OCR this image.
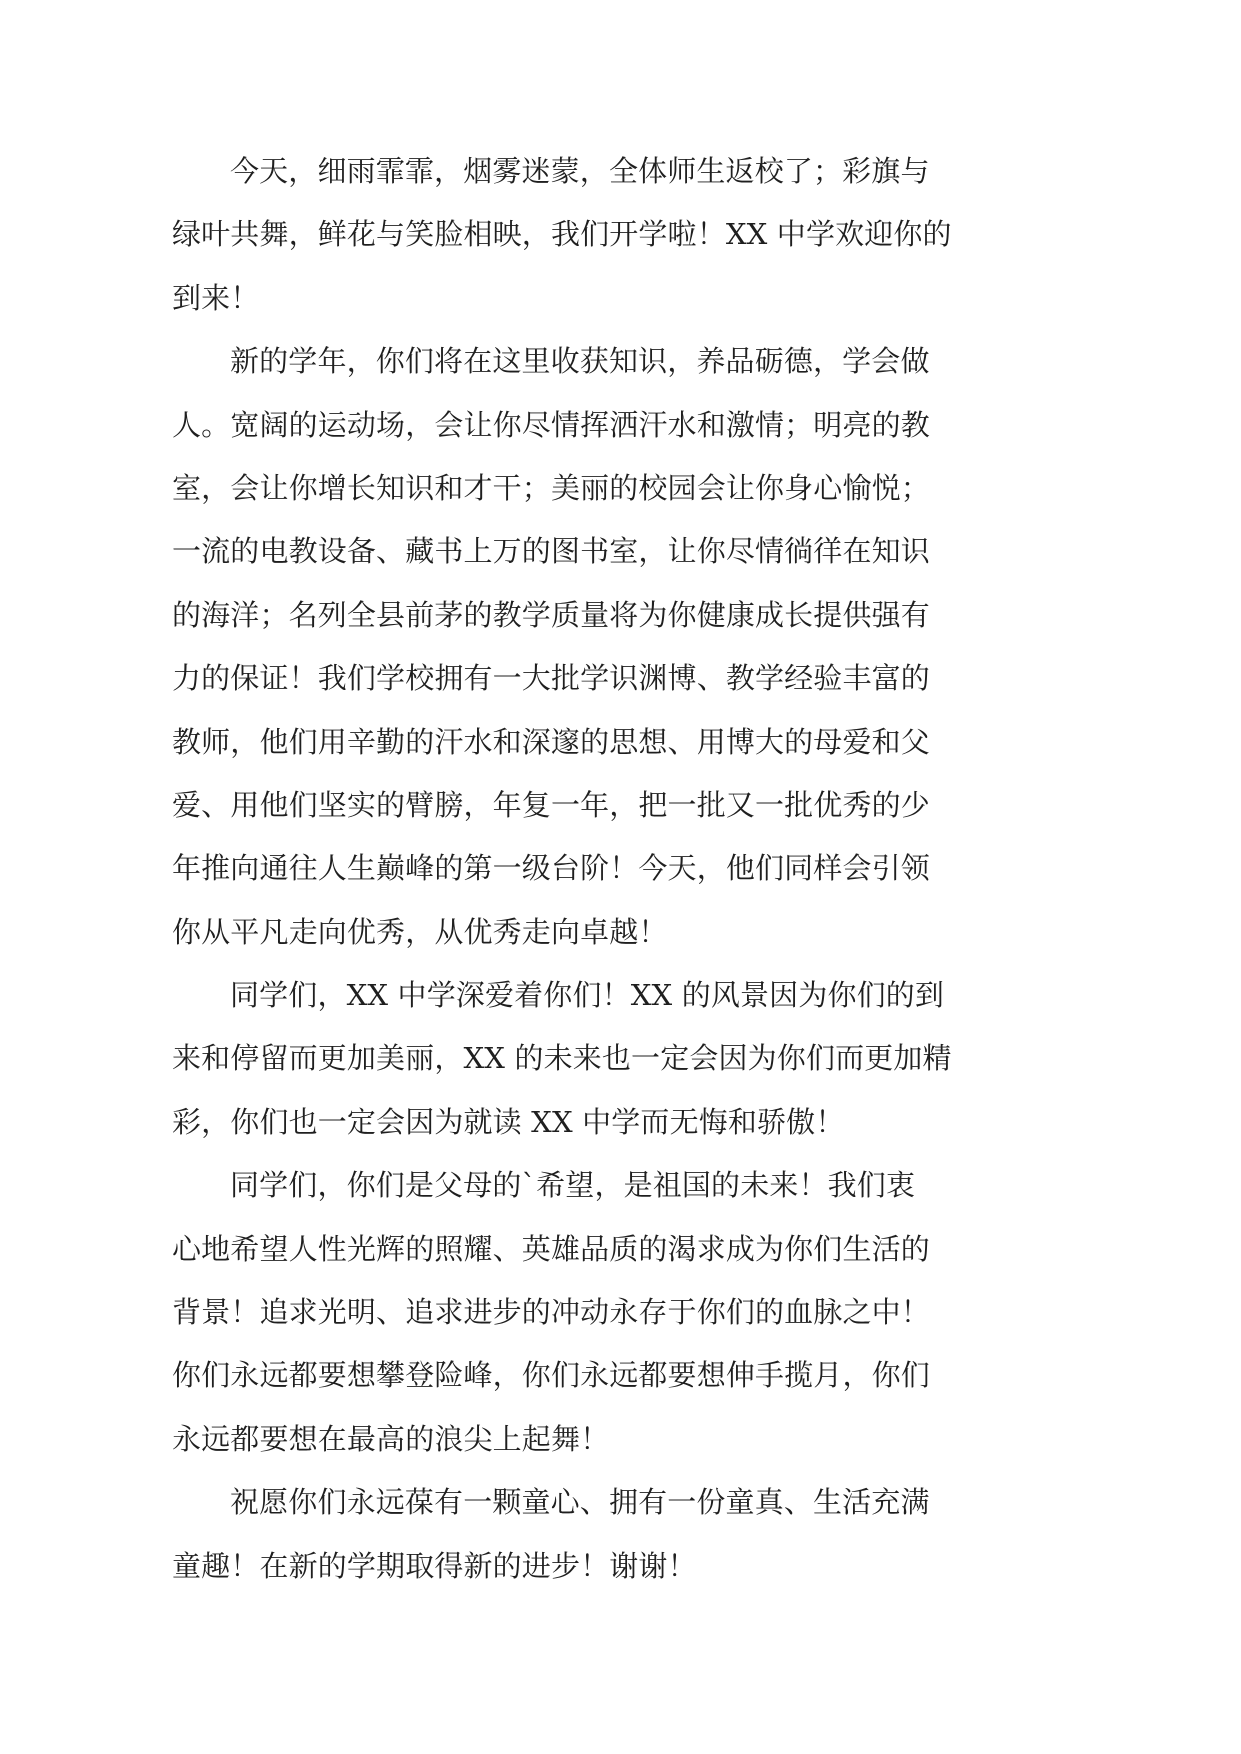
今天，细雨霏霏，烟雾迷蒙，全体师生返校了；彩旗与
绿叶共舞，鲜花与笑脸相映，我们开学啦！XX 中学欢迎你的
到来！
新的学年，你们将在这里收获知识，养品砺德，学会做
人。宽阔的运动场，会让你尽情挥洒汗水和激情；明亮的教
室，会让你增长知识和才干；美丽的校园会让你身心愉悦；
一流的电教设备、藏书上万的图书室，让你尽情徜徉在知识
的海洋；名列全县前茅的教学质量将为你健康成长提供强有
力的保证！我们学校拥有一大批学识渊博、教学经验丰富的
教师，他们用辛勤的汗水和深邃的思想、用博大的母爱和父
爱、用他们坚实的臂膀，年复一年，把一批又一批优秀的少
年推向通往人生巅峰的第一级台阶！今天，他们同样会引领
你从平凡走向优秀，从优秀走向卓越！
同学们，XX 中学深爱着你们！XX 的风景因为你们的到
来和停留而更加美丽，XX 的未来也一定会因为你们而更加精
彩，你们也一定会因为就读 XX 中学而无悔和骄傲！
同学们，你们是父母的`希望，是祖国的未来！我们衷
心地希望人性光辉的照耀、英雄品质的渴求成为你们生活的
背景！追求光明、追求进步的冲动永存于你们的血脉之中！
你们永远都要想攀登险峰，你们永远都要想伸手揽月，你们
永远都要想在最高的浪尖上起舞！
祝愿你们永远葆有一颗童心、拥有一份童真、生活充满
童趣！在新的学期取得新的进步！谢谢！
